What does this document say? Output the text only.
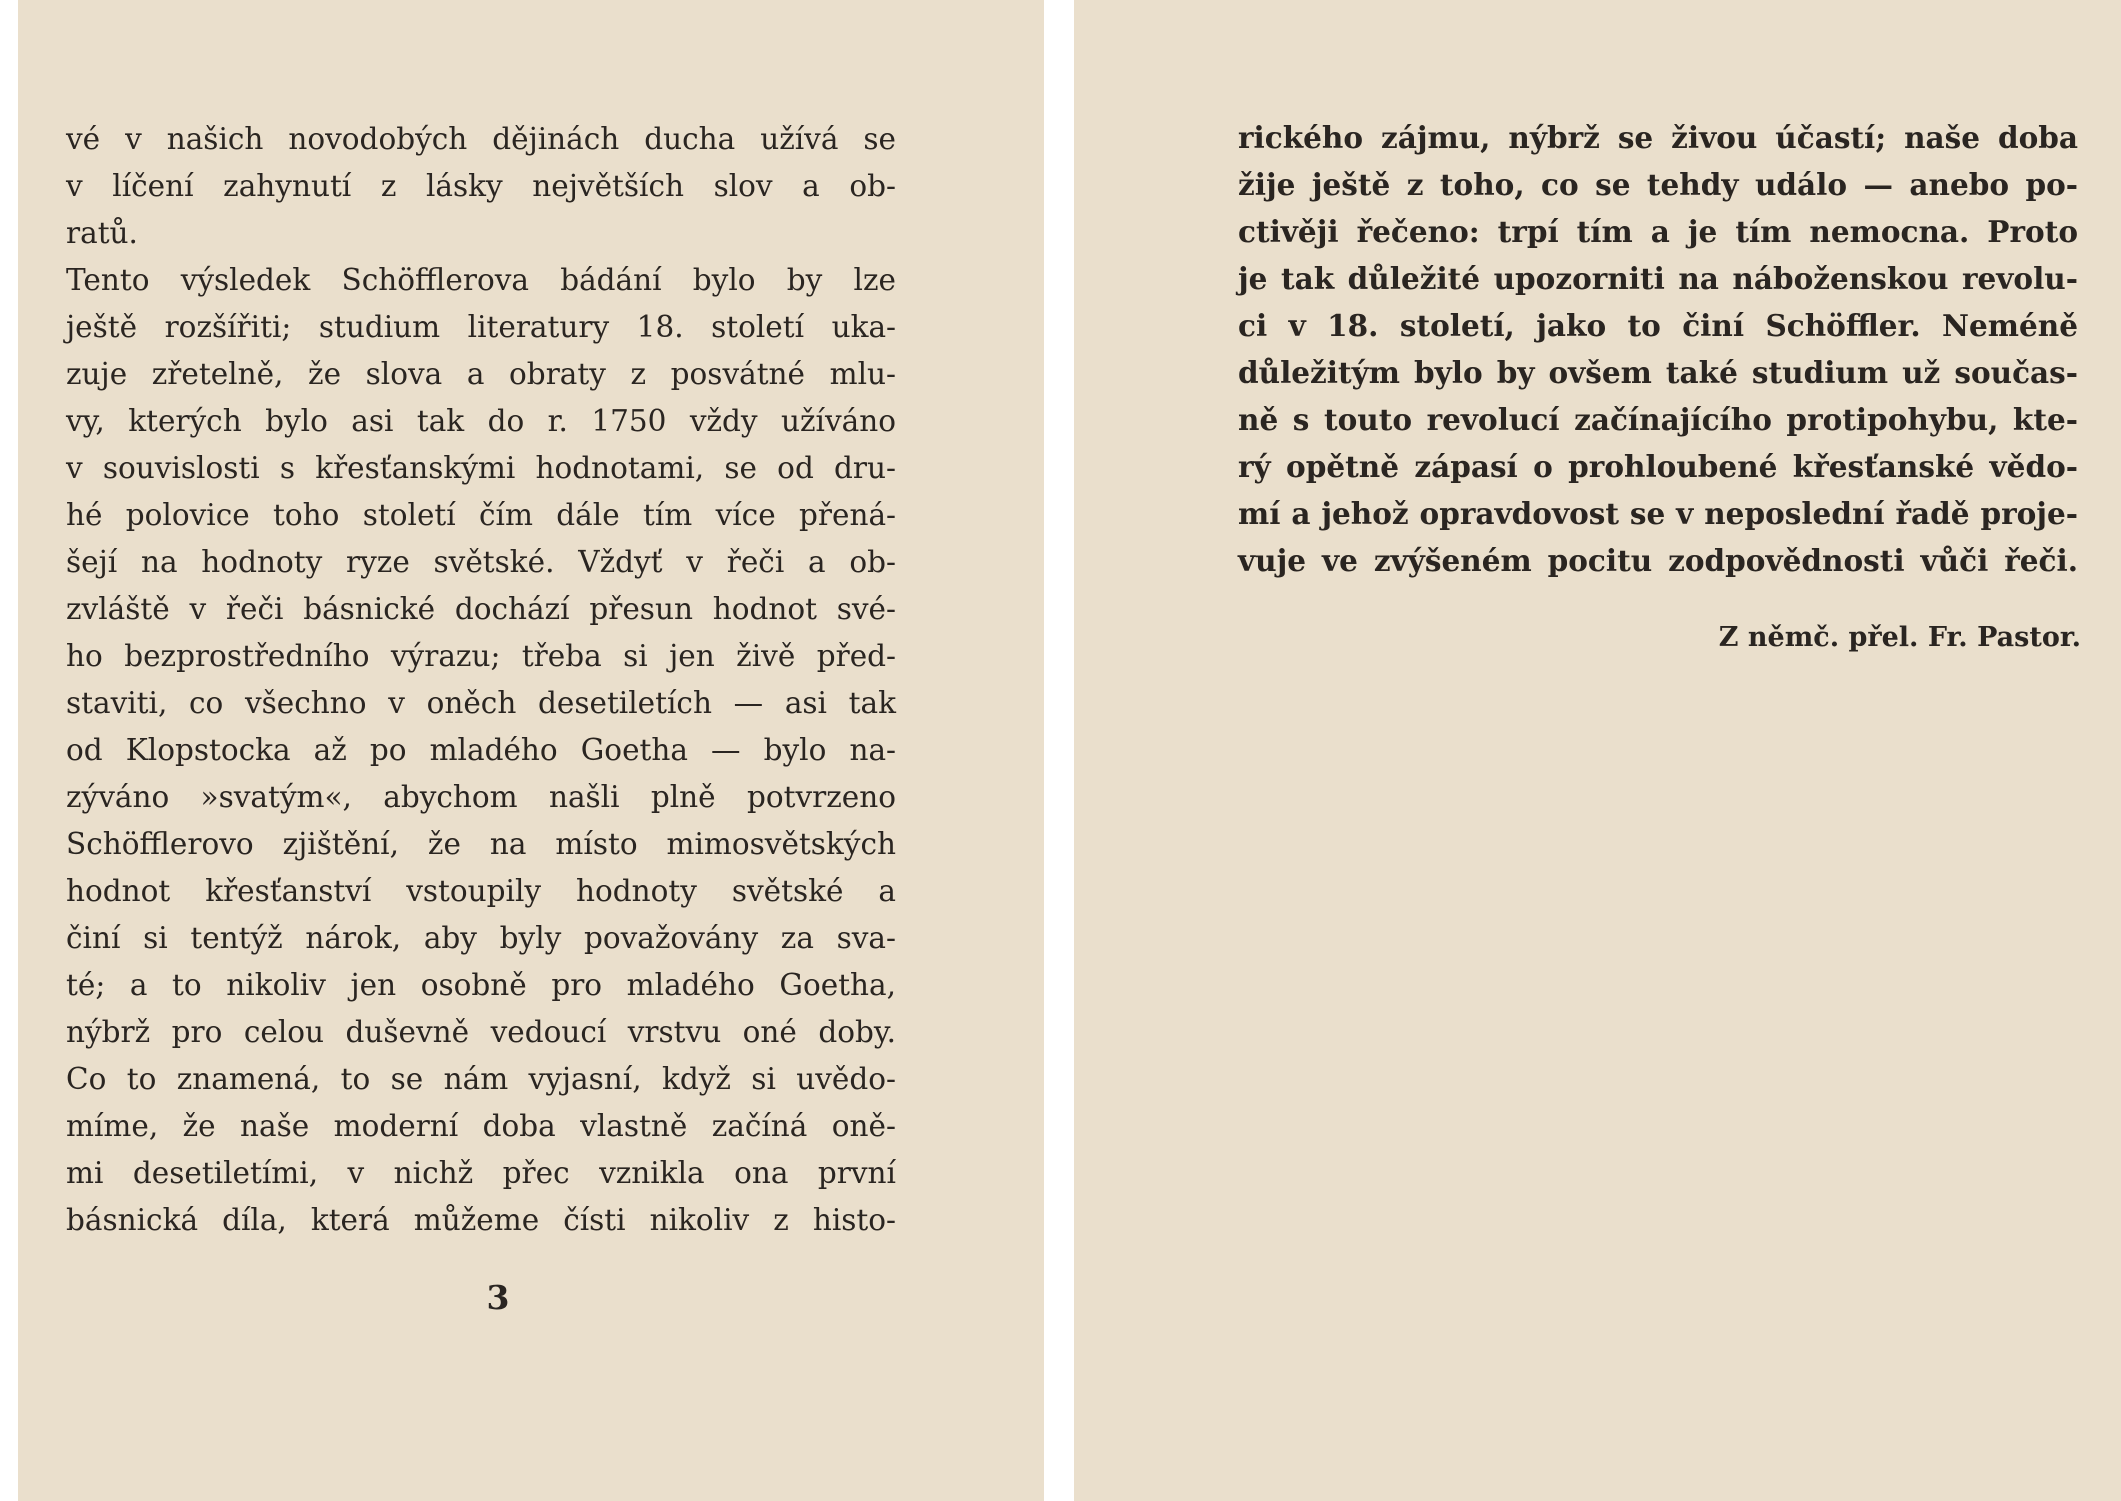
vé v našich novodobých dějinách ducha užívá se
v líčení zahynutí z lásky největších slov a ob-
ratů.
Tento výsledek Schöfflerova bádání bylo by lze
ještě rozšířiti; studium literatury 18. století uka-
zuje zřetelně, že slova a obraty z posvátné mlu-
vy, kterých bylo asi tak do r. 1750 vždy užíváno
v souvislosti s křesťanskými hodnotami, se od dru-
hé polovice toho století čím dále tím více přená-
šejí na hodnoty ryze světské. Vždyť v řeči a ob-
zvláště v řeči básnické dochází přesun hodnot své-
ho bezprostředního výrazu; třeba si jen živě před-
staviti, co všechno v oněch desetiletích — asi tak
od Klopstocka až po mladého Goetha — bylo na-
zýváno »svatým«, abychom našli plně potvrzeno
Schöfflerovo zjištění, že na místo mimosvětských
hodnot křesťanství vstoupily hodnoty světské a
činí si tentýž nárok, aby byly považovány za sva-
té; a to nikoliv jen osobně pro mladého Goetha,
nýbrž pro celou duševně vedoucí vrstvu oné doby.
Co to znamená, to se nám vyjasní, když si uvědo-
míme, že naše moderní doba vlastně začíná oně-
mi desetiletími, v nichž přec vznikla ona první
básnická díla, která můžeme čísti nikoliv z histo-
3
rického zájmu, nýbrž se živou účastí; naše doba
žije ještě z toho, co se tehdy událo — anebo po-
ctivěji řečeno: trpí tím a je tím nemocna. Proto
je tak důležité upozorniti na náboženskou revolu-
ci v 18. století, jako to činí Schöffler. Neméně
důležitým bylo by ovšem také studium už součas-
ně s touto revolucí začínajícího protipohybu, kte-
rý opětně zápasí o prohloubené křesťanské vědo-
mí a jehož opravdovost se v neposlední řadě proje-
vuje ve zvýšeném pocitu zodpovědnosti vůči řeči.
Z němč. přel. Fr. Pastor.
